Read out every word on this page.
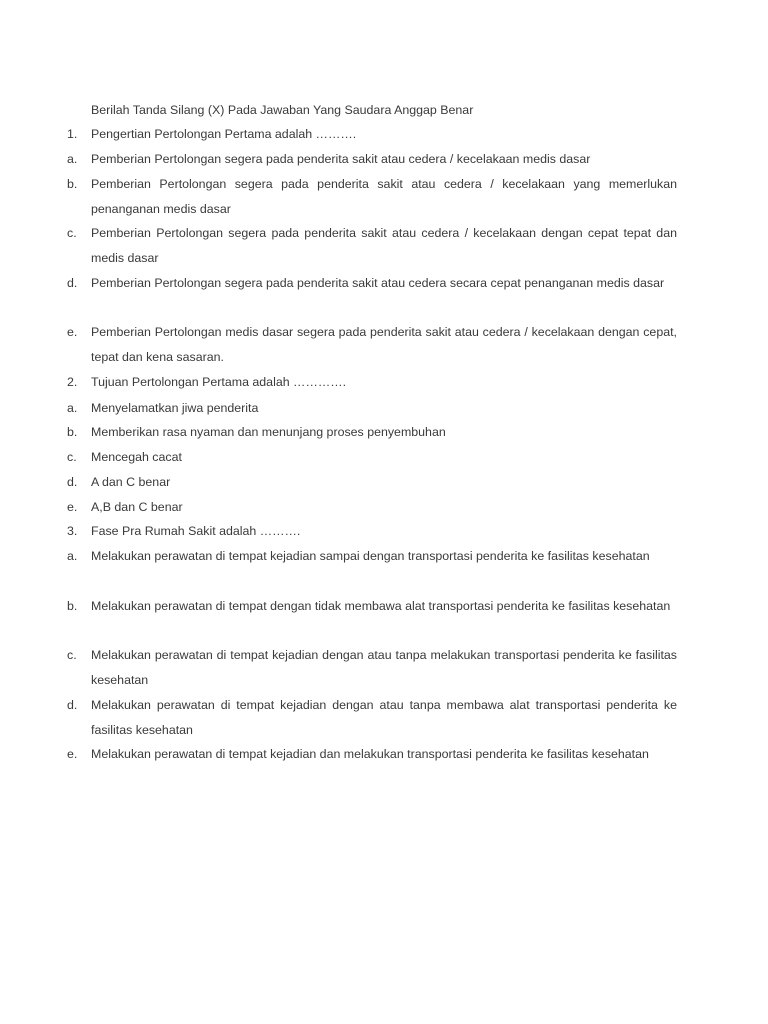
Berilah Tanda Silang (X) Pada Jawaban Yang Saudara Anggap Benar
1.	Pengertian Pertolongan Pertama adalah ……….
a.	Pemberian Pertolongan segera pada penderita sakit atau cedera / kecelakaan medis dasar
b.	Pemberian Pertolongan segera pada penderita sakit atau cedera / kecelakaan yang memerlukan penanganan medis dasar
c.	Pemberian Pertolongan segera pada penderita sakit atau cedera / kecelakaan dengan cepat tepat dan medis dasar
d.	Pemberian Pertolongan segera pada penderita sakit atau cedera secara cepat penanganan medis dasar
e.	Pemberian Pertolongan medis dasar segera pada penderita sakit atau cedera / kecelakaan dengan cepat, tepat dan kena sasaran.
2.	Tujuan Pertolongan Pertama adalah ………….
a.	Menyelamatkan jiwa penderita
b.	Memberikan rasa nyaman dan menunjang proses penyembuhan
c.	Mencegah cacat
d.	A dan C benar
e.	A,B dan C benar
3.	Fase Pra Rumah Sakit adalah ……….
a.	Melakukan perawatan di tempat kejadian sampai dengan transportasi penderita ke fasilitas kesehatan
b.	Melakukan perawatan di tempat dengan tidak membawa alat transportasi penderita ke fasilitas kesehatan
c.	Melakukan perawatan di tempat kejadian dengan atau tanpa melakukan transportasi penderita ke fasilitas kesehatan
d.	Melakukan perawatan di tempat kejadian dengan atau tanpa membawa alat transportasi penderita ke fasilitas kesehatan
e.	Melakukan perawatan di tempat kejadian dan melakukan transportasi penderita ke fasilitas kesehatan
